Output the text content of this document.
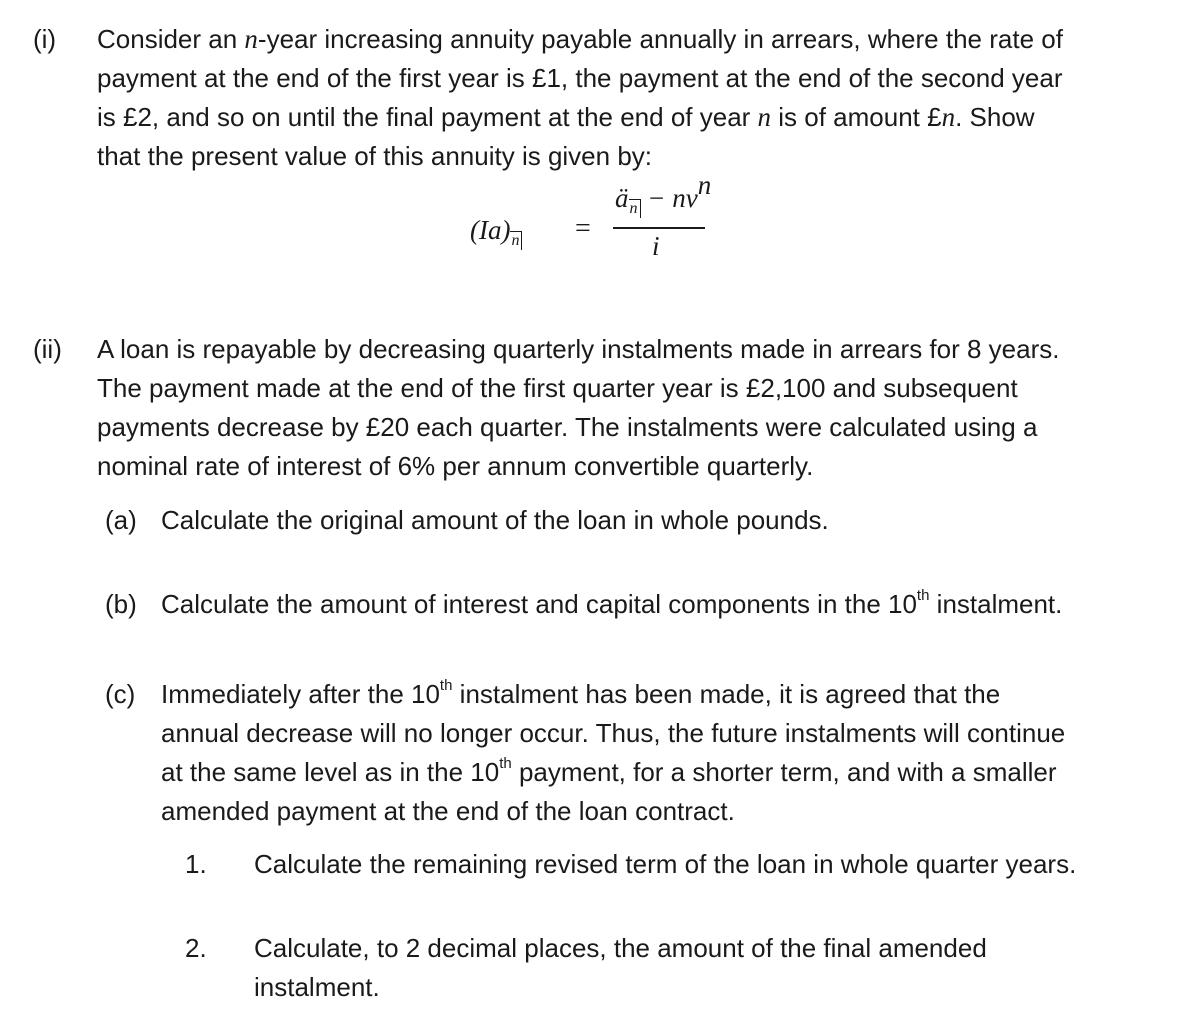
(i) Consider an n-year increasing annuity payable annually in arrears, where the rate of
payment at the end of the first year is £1, the payment at the end of the second year
is £2, and so on until the final payment at the end of year n is of amount £n. Show
that the present value of this annuity is given by:
(Ia)n =
än − $nv^n$
i
(ii) A loan is repayable by decreasing quarterly instalments made in arrears for 8 years.
The payment made at the end of the first quarter year is £2,100 and subsequent
payments decrease by £20 each quarter. The instalments were calculated using a
nominal rate of interest of 6% per annum convertible quarterly.
(a) Calculate the original amount of the loan in whole pounds.
(b) Calculate the amount of interest and capital components in the 10th instalment.
(c) Immediately after the 10th instalment has been made, it is agreed that the
annual decrease will no longer occur. Thus, the future instalments will continue
at the same level as in the 10th payment, for a shorter term, and with a smaller
amended payment at the end of the loan contract.
1. Calculate the remaining revised term of the loan in whole quarter years.
2. Calculate, to 2 decimal places, the amount of the final amended
instalment.
